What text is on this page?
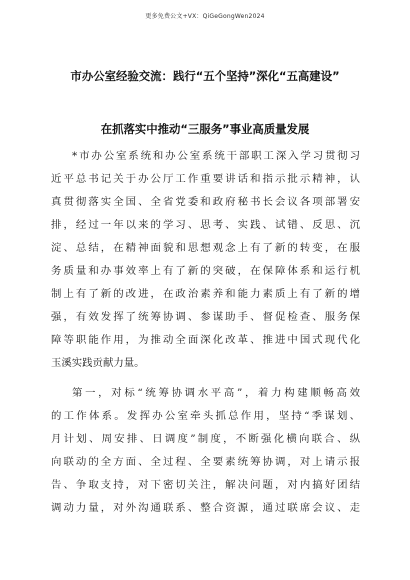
更多免费公文+VX：QiGeGongWen2024
市办公室经验交流：践行“五个坚持”深化“五高建设”
在抓落实中推动“三服务”事业高质量发展
*市办公室系统和办公室系统干部职工深入学习贯彻习
近平总书记关于办公厅工作重要讲话和指示批示精神，认
真贯彻落实全国、全省党委和政府秘书长会议各项部署安
排，经过一年以来的学习、思考、实践、试错、反思、沉
淀、总结，在精神面貌和思想观念上有了新的转变，在服
务质量和办事效率上有了新的突破，在保障体系和运行机
制上有了新的改进，在政治素养和能力素质上有了新的增
强，有效发挥了统筹协调、参谋助手、督促检查、服务保
障等职能作用，为推动全面深化改革、推进中国式现代化
玉溪实践贡献力量。
第一，对标“统筹协调水平高”，着力构建顺畅高效
的工作体系。发挥办公室牵头抓总作用，坚持“季谋划、
月计划、周安排、日调度”制度，不断强化横向联合、纵
向联动的全方面、全过程、全要素统筹协调，对上请示报
告、争取支持，对下密切关注，解决问题，对内搞好团结
调动力量，对外沟通联系、整合资源，通过联席会议、走
